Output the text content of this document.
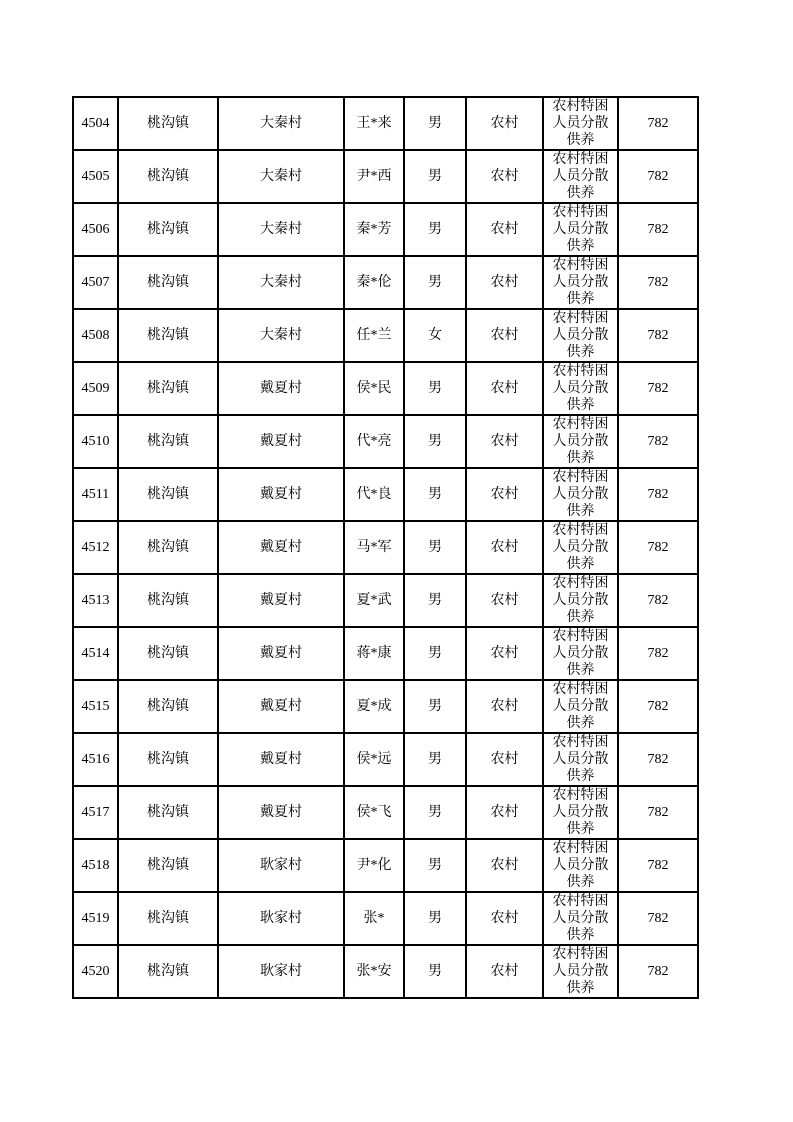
4504	桃沟镇	大秦村	王*来	男	农村	农村特困人员分散供养	782

4505	桃沟镇	大秦村	尹*西	男	农村	农村特困人员分散供养	782

4506	桃沟镇	大秦村	秦*芳	男	农村	农村特困人员分散供养	782

4507	桃沟镇	大秦村	秦*伦	男	农村	农村特困人员分散供养	782

4508	桃沟镇	大秦村	任*兰	女	农村	农村特困人员分散供养	782

4509	桃沟镇	戴夏村	侯*民	男	农村	农村特困人员分散供养	782

4510	桃沟镇	戴夏村	代*亮	男	农村	农村特困人员分散供养	782

4511	桃沟镇	戴夏村	代*良	男	农村	农村特困人员分散供养	782

4512	桃沟镇	戴夏村	马*军	男	农村	农村特困人员分散供养	782

4513	桃沟镇	戴夏村	夏*武	男	农村	农村特困人员分散供养	782

4514	桃沟镇	戴夏村	蒋*康	男	农村	农村特困人员分散供养	782

4515	桃沟镇	戴夏村	夏*成	男	农村	农村特困人员分散供养	782

4516	桃沟镇	戴夏村	侯*远	男	农村	农村特困人员分散供养	782

4517	桃沟镇	戴夏村	侯*飞	男	农村	农村特困人员分散供养	782

4518	桃沟镇	耿家村	尹*化	男	农村	农村特困人员分散供养	782

4519	桃沟镇	耿家村	张*	男	农村	农村特困人员分散供养	782

4520	桃沟镇	耿家村	张*安	男	农村	农村特困人员分散供养	782
